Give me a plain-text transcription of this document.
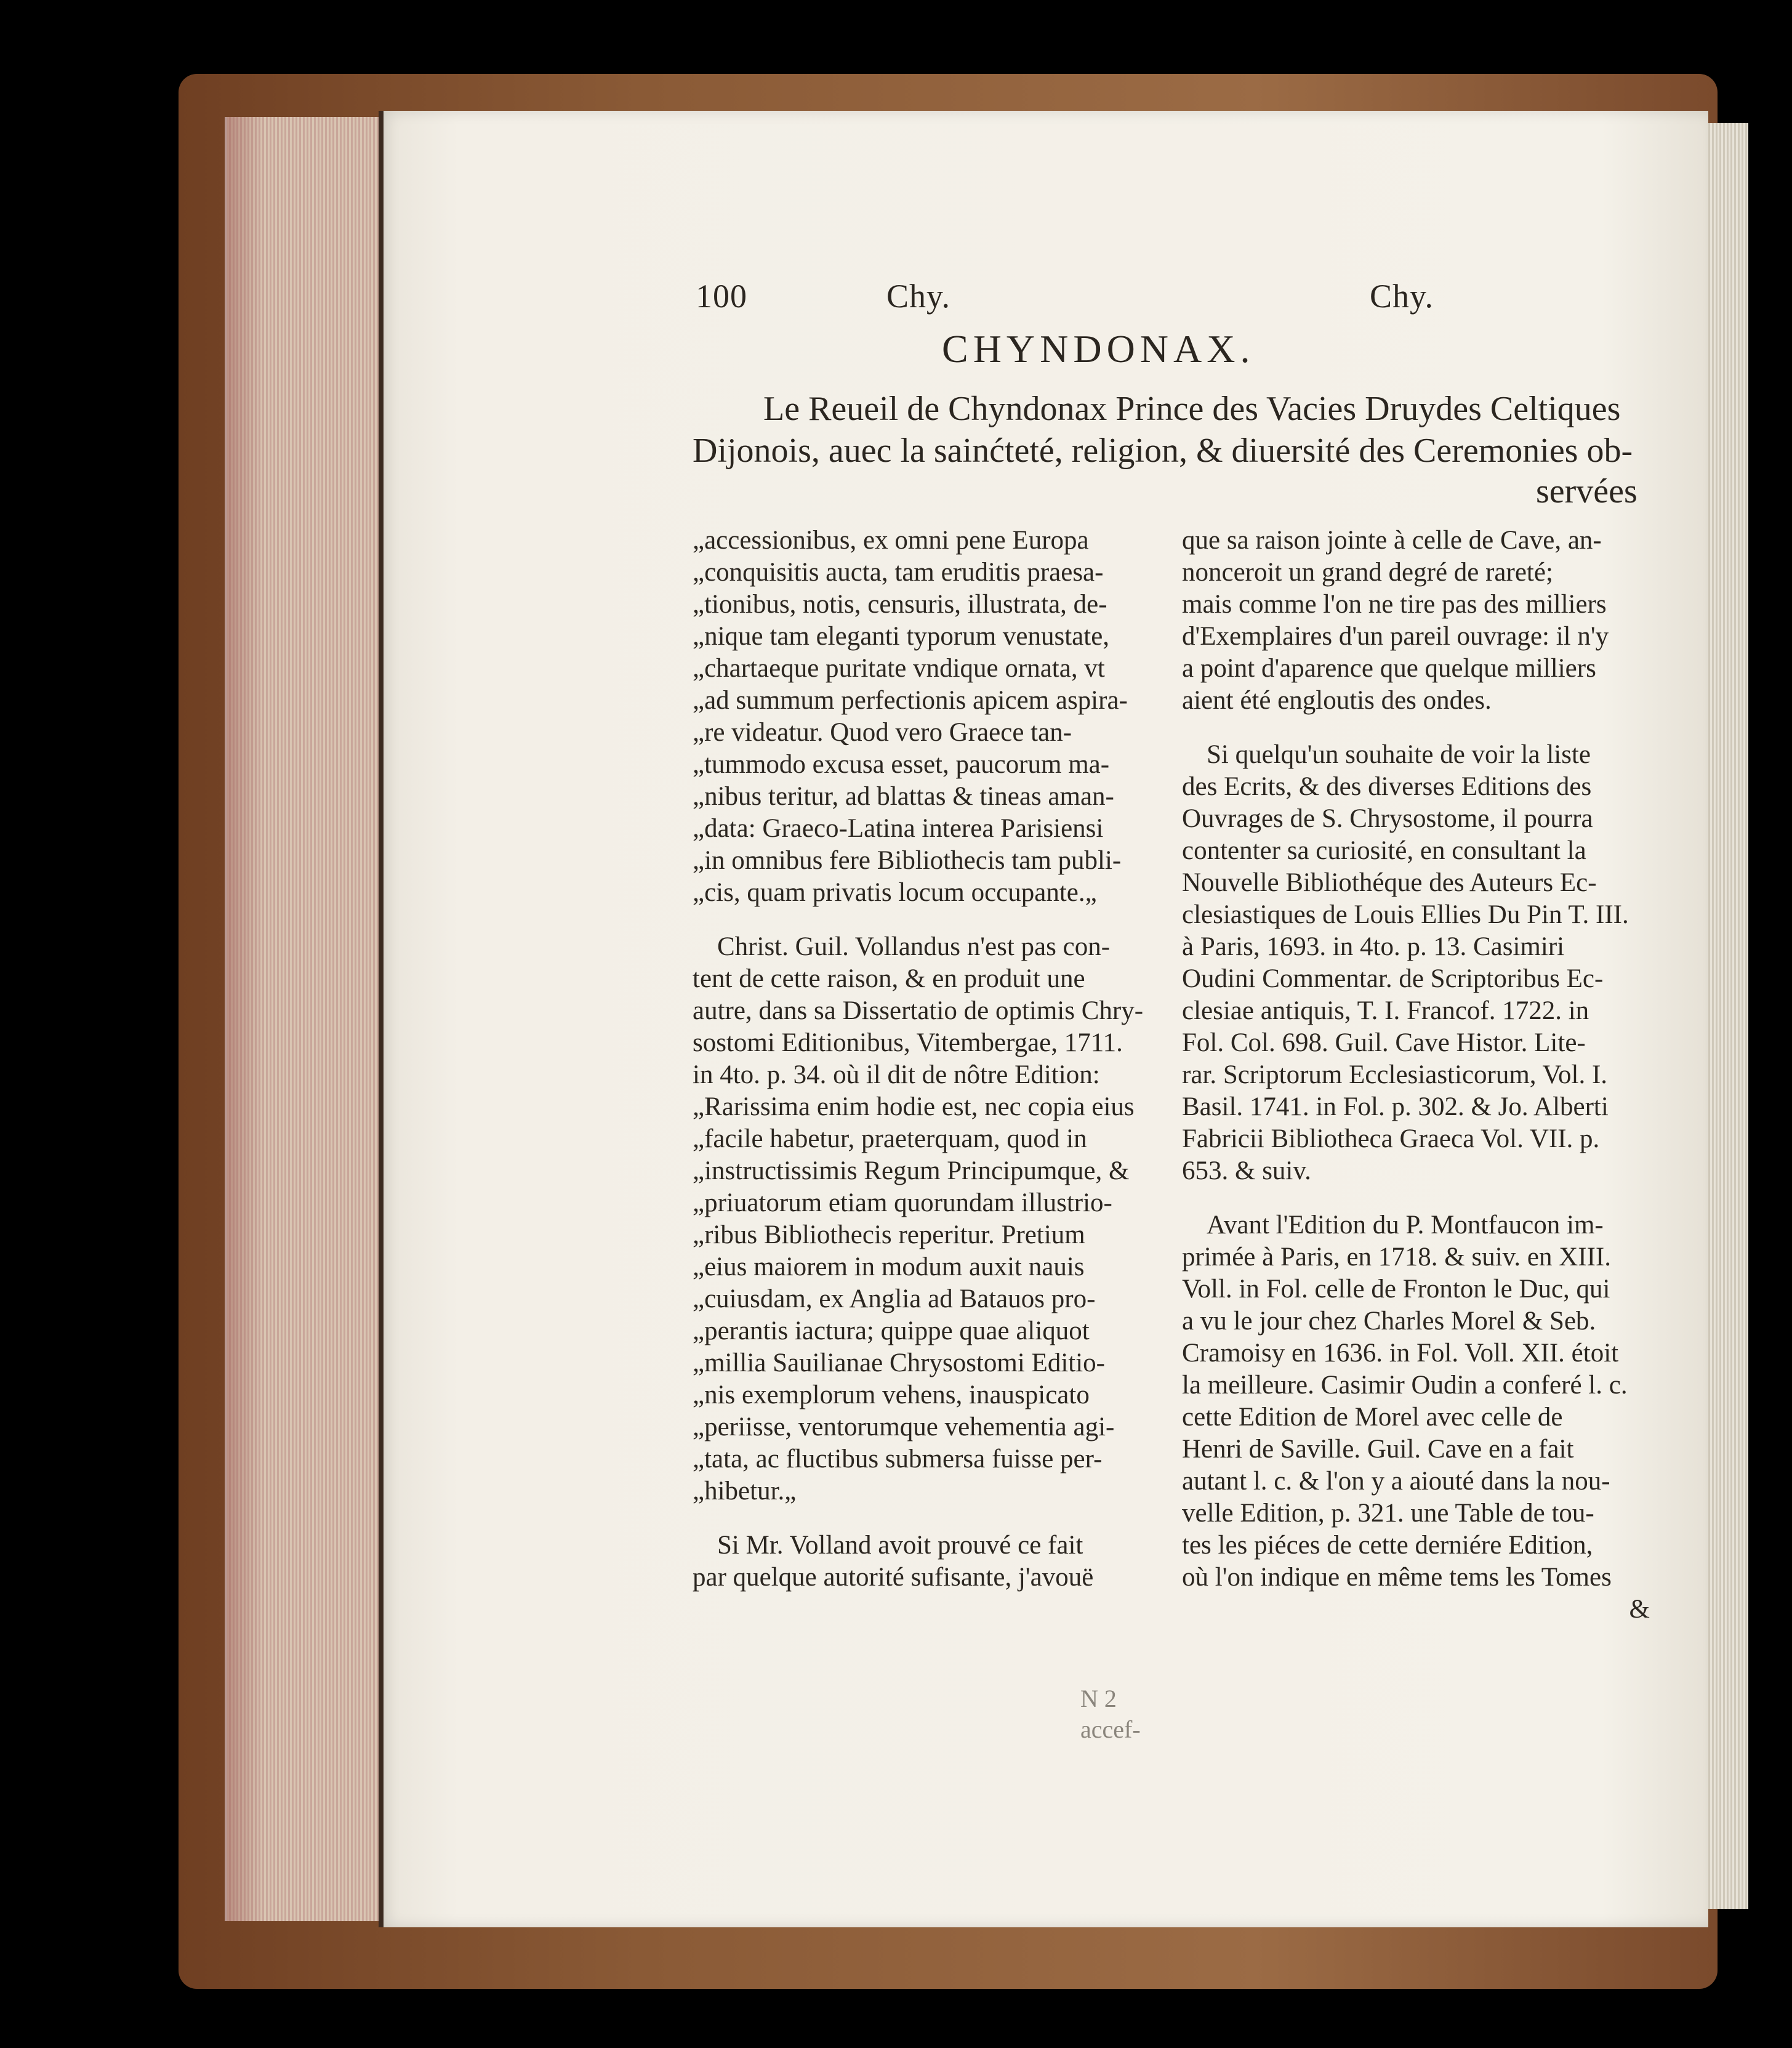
100	Chy.	Chy.
CHYNDONAX.
Le Reueil de Chyndonax Prince des Vacies Druydes Celtiques
Dijonois, auec la sainćteté, religion, & diuersité des Ceremonies ob-
servées
„accessionibus, ex omni pene Europa
„conquisitis aucta, tam eruditis praesa-
„tionibus, notis, censuris, illustrata, de-
„nique tam eleganti typorum venustate,
„chartaeque puritate vndique ornata, vt
„ad summum perfectionis apicem aspira-
„re videatur. Quod vero Graece tan-
„tummodo excusa esset, paucorum ma-
„nibus teritur, ad blattas & tineas aman-
„data: Graeco-Latina interea Parisiensi
„in omnibus fere Bibliothecis tam publi-
„cis, quam privatis locum occupante.„
Christ. Guil. Vollandus n'est pas con-
tent de cette raison, & en produit une
autre, dans sa Dissertatio de optimis Chry-
sostomi Editionibus, Vitembergae, 1711.
in 4to. p. 34. où il dit de nôtre Edition:
„Rarissima enim hodie est, nec copia eius
„facile habetur, praeterquam, quod in
„instructissimis Regum Principumque, &
„priuatorum etiam quorundam illustrio-
„ribus Bibliothecis reperitur. Pretium
„eius maiorem in modum auxit nauis
„cuiusdam, ex Anglia ad Batauos pro-
„perantis iactura; quippe quae aliquot
„millia Sauilianae Chrysostomi Editio-
„nis exemplorum vehens, inauspicato
„periisse, ventorumque vehementia agi-
„tata, ac fluctibus submersa fuisse per-
„hibetur.„
Si Mr. Volland avoit prouvé ce fait
par quelque autorité sufisante, j'avouë
que sa raison jointe à celle de Cave, an-
nonceroit un grand degré de rareté;
mais comme l'on ne tire pas des milliers
d'Exemplaires d'un pareil ouvrage: il n'y
a point d'aparence que quelque milliers
aient été engloutis des ondes.
Si quelqu'un souhaite de voir la liste
des Ecrits, & des diverses Editions des
Ouvrages de S. Chrysostome, il pourra
contenter sa curiosité, en consultant la
Nouvelle Bibliothéque des Auteurs Ec-
clesiastiques de Louis Ellies Du Pin T. III.
à Paris, 1693. in 4to. p. 13. Casimiri
Oudini Commentar. de Scriptoribus Ec-
clesiae antiquis, T. I. Francof. 1722. in
Fol. Col. 698. Guil. Cave Histor. Lite-
rar. Scriptorum Ecclesiasticorum, Vol. I.
Basil. 1741. in Fol. p. 302. & Jo. Alberti
Fabricii Bibliotheca Graeca Vol. VII. p.
653. & suiv.
Avant l'Edition du P. Montfaucon im-
primée à Paris, en 1718. & suiv. en XIII.
Voll. in Fol. celle de Fronton le Duc, qui
a vu le jour chez Charles Morel & Seb.
Cramoisy en 1636. in Fol. Voll. XII. étoit
la meilleure. Casimir Oudin a conferé l. c.
cette Edition de Morel avec celle de
Henri de Saville. Guil. Cave en a fait
autant l. c. & l'on y a aiouté dans la nou-
velle Edition, p. 321. une Table de tou-
tes les piéces de cette derniére Edition,
où l'on indique en même tems les Tomes
&
N 2
accef-
